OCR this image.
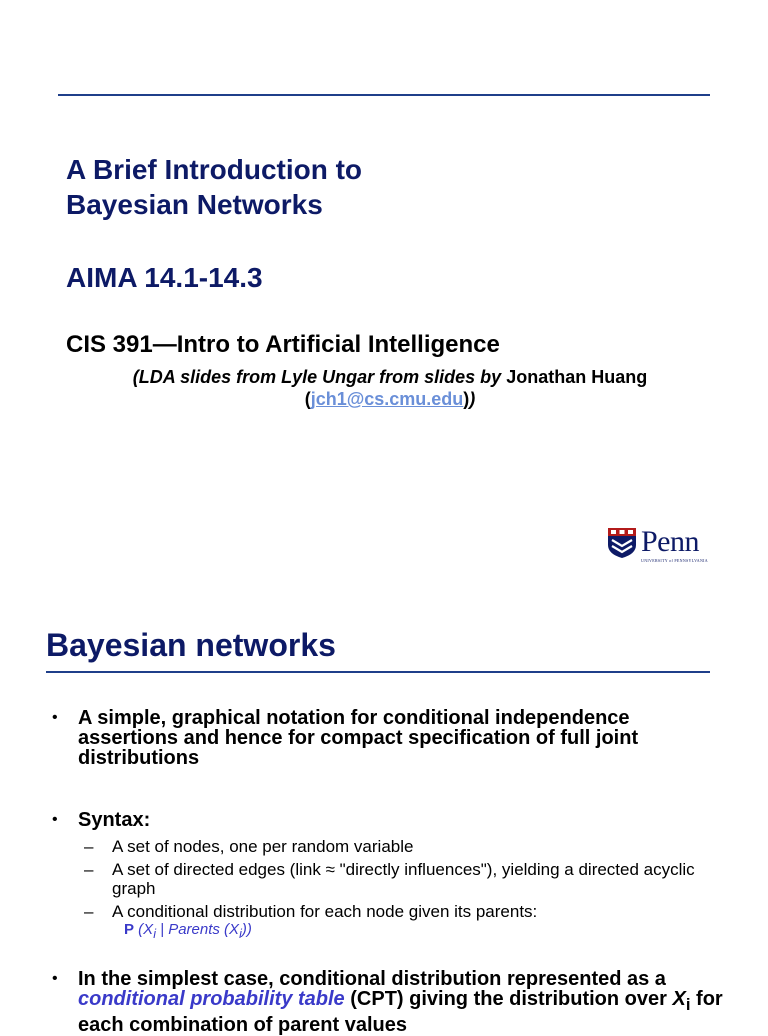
A Brief Introduction to
Bayesian Networks
AIMA 14.1-14.3
CIS 391—Intro to Artificial Intelligence
(LDA slides from Lyle Ungar from slides by Jonathan Huang
(jch1@cs.cmu.edu))
Penn
UNIVERSITY of PENNSYLVANIA
Bayesian networks
• A simple, graphical notation for conditional independence assertions and hence for compact specification of full joint distributions
• Syntax:
– A set of nodes, one per random variable
– A set of directed edges (link ≈ "directly influences"), yielding a directed acyclic graph
– A conditional distribution for each node given its parents:
P ($X_i$ | Parents $(X_i)$)
• In the simplest case, conditional distribution represented as a conditional probability table (CPT) giving the distribution over $X_i$ for each combination of parent values
